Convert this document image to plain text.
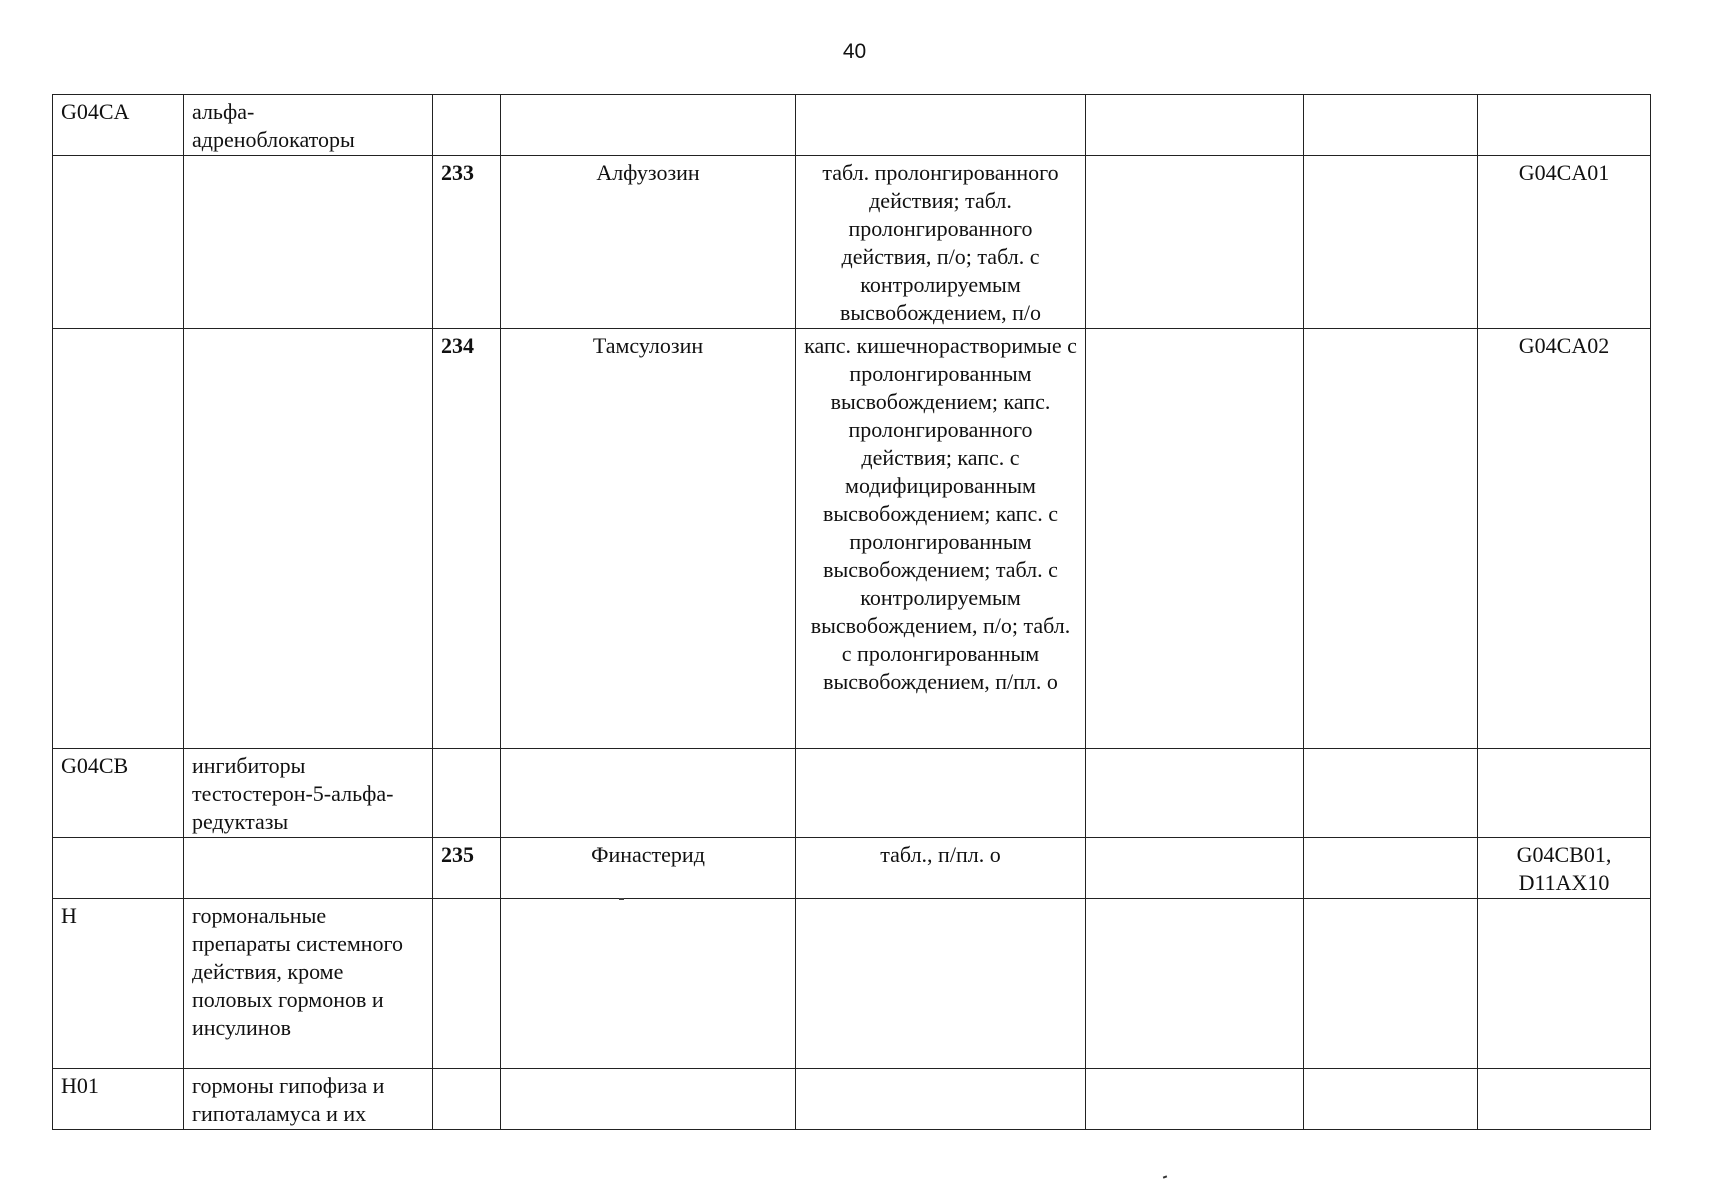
40
G04CA	альфа-
адреноблокаторы						
		233	Алфузозин	табл. пролонгированного действия; табл. пролонгированного действия, п/о; табл. с контролируемым высвобождением, п/о			G04CA01
		234	Тамсулозин	капс. кишечнорастворимые с пролонгированным высвобождением; капс. пролонгированного действия; капс. с модифицированным высвобождением; капс. с пролонгированным высвобождением; табл. с контролируемым высвобождением, п/о; табл. с пролонгированным высвобождением, п/пл. о			G04CA02
G04CB	ингибиторы тестостерон-5-альфа-редуктазы						
		235	Финастерид	табл., п/пл. о			G04CB01, D11AX10
H	гормональные препараты системного действия, кроме половых гормонов и инсулинов						
H01	гормоны гипофиза и гипоталамуса и их						
